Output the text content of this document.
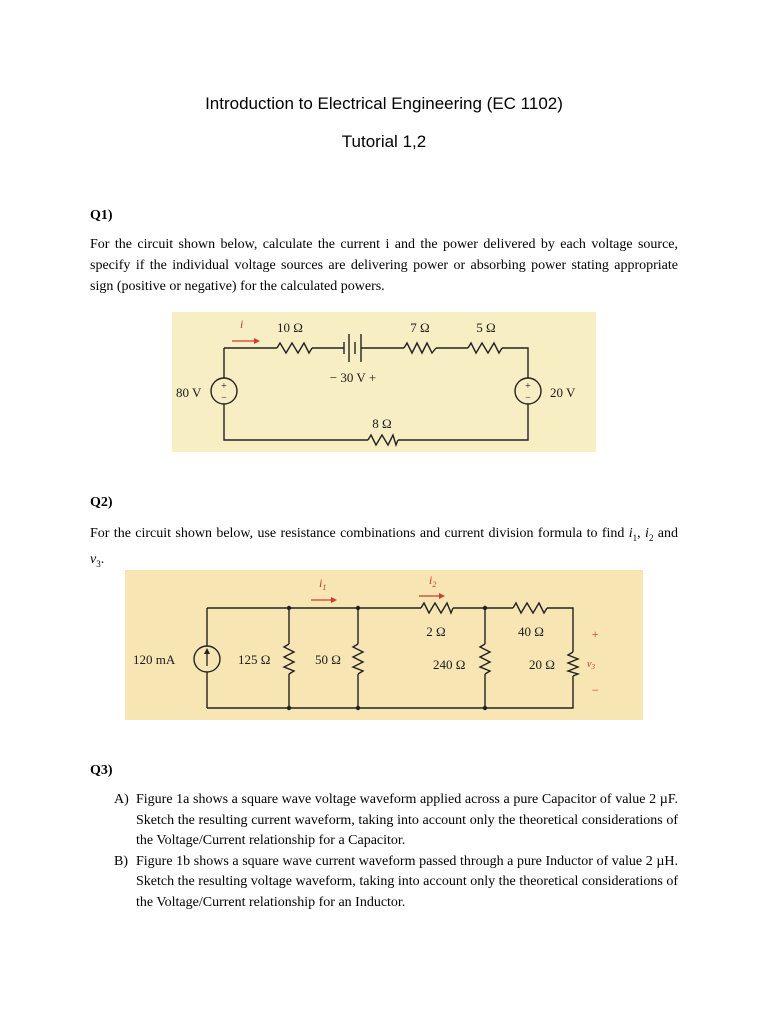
Introduction to Electrical Engineering (EC 1102)
Tutorial 1,2
Q1)
For the circuit shown below, calculate the current i and the power delivered by each voltage source, specify if the individual voltage sources are delivering power or absorbing power stating appropriate sign (positive or negative) for the calculated powers.
+
−
+
−
i	10 Ω	7 Ω	5 Ω
− 30 V +
80 V	20 V
8 Ω
Q2)
For the circuit shown below, use resistance combinations and current division formula to find $i_1$, $i_2$ and $v_3$.
$i_1$
$i_2$
120 mA	125 Ω	50 Ω
2 Ω	40 Ω
240 Ω	20 Ω
+
$v_3$
−
Q3)
A) Figure 1a shows a square wave voltage waveform applied across a pure Capacitor of value 2 µF. Sketch the resulting current waveform, taking into account only the theoretical considerations of the Voltage/Current relationship for a Capacitor.
B) Figure 1b shows a square wave current waveform passed through a pure Inductor of value 2 µH. Sketch the resulting voltage waveform, taking into account only the theoretical considerations of the Voltage/Current relationship for an Inductor.
